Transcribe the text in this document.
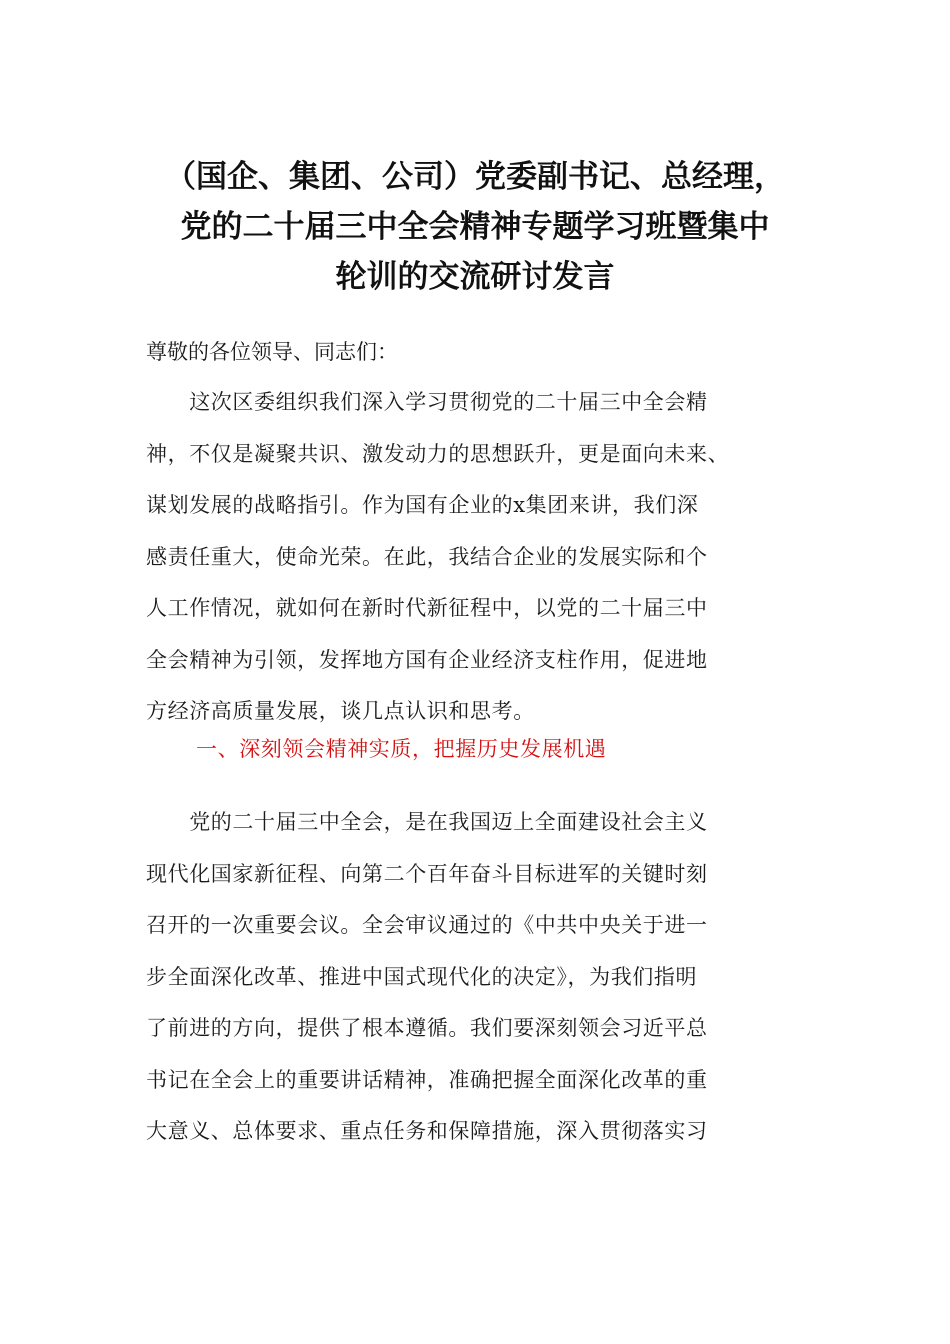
（国企、集团、公司）党委副书记、总经理，
党的二十届三中全会精神专题学习班暨集中
轮训的交流研讨发言
尊敬的各位领导、同志们：
　　这次区委组织我们深入学习贯彻党的二十届三中全会精
神，不仅是凝聚共识、激发动力的思想跃升，更是面向未来、
谋划发展的战略指引。作为国有企业的x集团来讲，我们深
感责任重大，使命光荣。在此，我结合企业的发展实际和个
人工作情况，就如何在新时代新征程中，以党的二十届三中
全会精神为引领，发挥地方国有企业经济支柱作用，促进地
方经济高质量发展，谈几点认识和思考。
一、深刻领会精神实质，把握历史发展机遇
　　党的二十届三中全会，是在我国迈上全面建设社会主义
现代化国家新征程、向第二个百年奋斗目标进军的关键时刻
召开的一次重要会议。全会审议通过的《中共中央关于进一
步全面深化改革、推进中国式现代化的决定》，为我们指明
了前进的方向，提供了根本遵循。我们要深刻领会习近平总
书记在全会上的重要讲话精神，准确把握全面深化改革的重
大意义、总体要求、重点任务和保障措施，深入贯彻落实习
